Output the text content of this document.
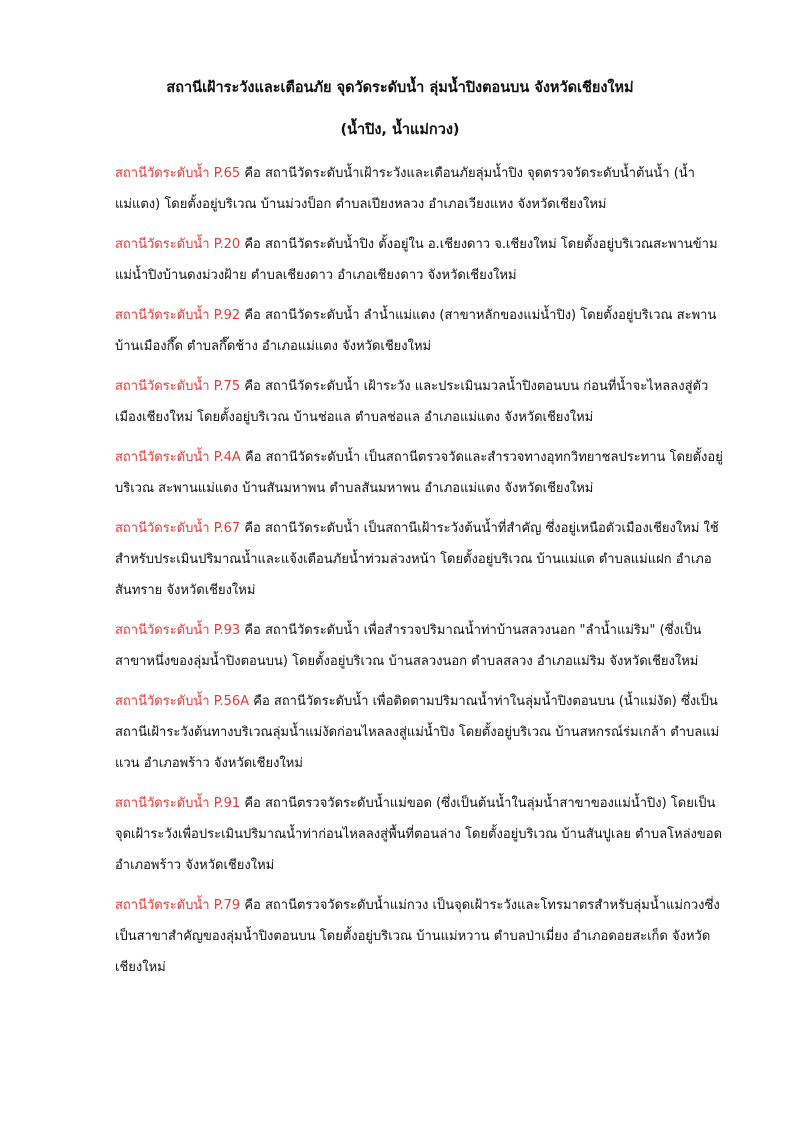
สถานีเฝ้าระวังและเตือนภัย จุดวัดระดับน้ำ ลุ่มน้ำปิงตอนบน จังหวัดเชียงใหม่
(น้ำปิง, น้ำแม่กวง)

สถานีวัดระดับน้ำ P.65 คือ สถานีวัดระดับน้ำเฝ้าระวังและเตือนภัยลุ่มน้ำปิง จุดตรวจวัดระดับน้ำต้นน้ำ (น้ำแม่แตง) โดยตั้งอยู่บริเวณ บ้านม่วงป็อก ตำบลเปียงหลวง อำเภอเวียงแหง จังหวัดเชียงใหม่

สถานีวัดระดับน้ำ P.20 คือ สถานีวัดระดับน้ำปิง ตั้งอยู่ใน อ.เชียงดาว จ.เชียงใหม่ โดยตั้งอยู่บริเวณสะพานข้ามแม่น้ำปิงบ้านดงม่วงฝ้าย ตำบลเชียงดาว อำเภอเชียงดาว จังหวัดเชียงใหม่

สถานีวัดระดับน้ำ P.92 คือ สถานีวัดระดับน้ำ ลำน้ำแม่แตง (สาขาหลักของแม่น้ำปิง) โดยตั้งอยู่บริเวณ สะพานบ้านเมืองกึ๊ด ตำบลกึ๊ดช้าง อำเภอแม่แตง จังหวัดเชียงใหม่

สถานีวัดระดับน้ำ P.75 คือ สถานีวัดระดับน้ำ เฝ้าระวัง และประเมินมวลน้ำปิงตอนบน ก่อนที่น้ำจะไหลลงสู่ตัวเมืองเชียงใหม่ โดยตั้งอยู่บริเวณ บ้านช่อแล ตำบลช่อแล อำเภอแม่แตง จังหวัดเชียงใหม่

สถานีวัดระดับน้ำ P.4A คือ สถานีวัดระดับน้ำ เป็นสถานีตรวจวัดและสำรวจทางอุทกวิทยาชลประทาน โดยตั้งอยู่บริเวณ สะพานแม่แตง บ้านสันมหาพน ตำบลสันมหาพน อำเภอแม่แตง จังหวัดเชียงใหม่

สถานีวัดระดับน้ำ P.67 คือ สถานีวัดระดับน้ำ เป็นสถานีเฝ้าระวังต้นน้ำที่สำคัญ ซึ่งอยู่เหนือตัวเมืองเชียงใหม่ ใช้สำหรับประเมินปริมาณน้ำและแจ้งเตือนภัยน้ำท่วมล่วงหน้า โดยตั้งอยู่บริเวณ บ้านแม่แต ตำบลแม่แฝก อำเภอสันทราย จังหวัดเชียงใหม่

สถานีวัดระดับน้ำ P.93 คือ สถานีวัดระดับน้ำ เพื่อสำรวจปริมาณน้ำท่าบ้านสลวงนอก "ลำน้ำแม่ริม" (ซึ่งเป็นสาขาหนึ่งของลุ่มน้ำปิงตอนบน) โดยตั้งอยู่บริเวณ บ้านสลวงนอก ตำบลสลวง อำเภอแม่ริม จังหวัดเชียงใหม่

สถานีวัดระดับน้ำ P.56A คือ สถานีวัดระดับน้ำ เพื่อติดตามปริมาณน้ำท่าในลุ่มน้ำปิงตอนบน (น้ำแม่งัด) ซึ่งเป็นสถานีเฝ้าระวังต้นทางบริเวณลุ่มน้ำแม่งัดก่อนไหลลงสู่แม่น้ำปิง โดยตั้งอยู่บริเวณ บ้านสหกรณ์ร่มเกล้า ตำบลแม่แวน อำเภอพร้าว จังหวัดเชียงใหม่

สถานีวัดระดับน้ำ P.91 คือ สถานีตรวจวัดระดับน้ำแม่ขอด (ซึ่งเป็นต้นน้ำในลุ่มน้ำสาขาของแม่น้ำปิง) โดยเป็นจุดเฝ้าระวังเพื่อประเมินปริมาณน้ำท่าก่อนไหลลงสู่พื้นที่ตอนล่าง โดยตั้งอยู่บริเวณ บ้านสันปูเลย ตำบลโหล่งขอด อำเภอพร้าว จังหวัดเชียงใหม่

สถานีวัดระดับน้ำ P.79 คือ สถานีตรวจวัดระดับน้ำแม่กวง เป็นจุดเฝ้าระวังและโทรมาตรสำหรับลุ่มน้ำแม่กวงซึ่งเป็นสาขาสำคัญของลุ่มน้ำปิงตอนบน โดยตั้งอยู่บริเวณ บ้านแม่หวาน ตำบลป่าเมี่ยง อำเภอดอยสะเก็ด จังหวัดเชียงใหม่
